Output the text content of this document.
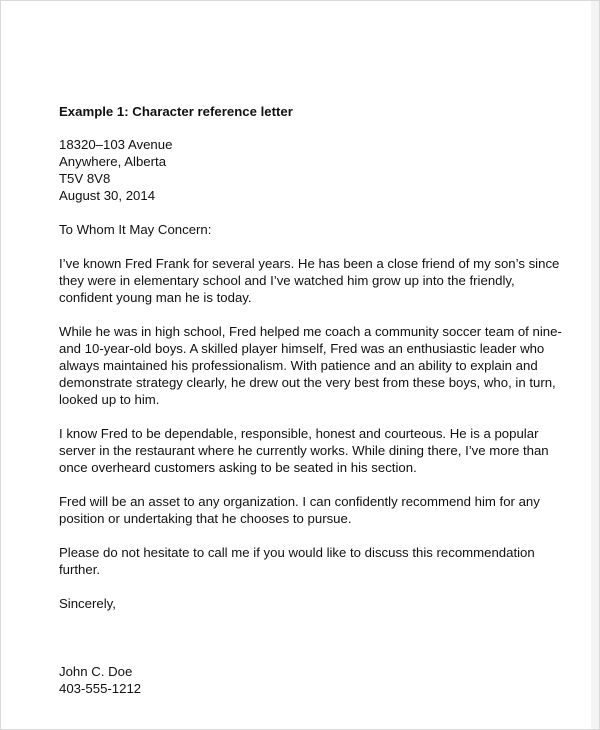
Example 1: Character reference letter

18320–103 Avenue

Anywhere, Alberta

T5V 8V8

August 30, 2014

To Whom It May Concern:

I’ve known Fred Frank for several years. He has been a close friend of my son’s since they were in elementary school and I’ve watched him grow up into the friendly, confident young man he is today.

While he was in high school, Fred helped me coach a community soccer team of nine- and 10-year-old boys. A skilled player himself, Fred was an enthusiastic leader who always maintained his professionalism. With patience and an ability to explain and demonstrate strategy clearly, he drew out the very best from these boys, who, in turn, looked up to him.

I know Fred to be dependable, responsible, honest and courteous. He is a popular server in the restaurant where he currently works. While dining there, I’ve more than once overheard customers asking to be seated in his section.

Fred will be an asset to any organization. I can confidently recommend him for any position or undertaking that he chooses to pursue.

Please do not hesitate to call me if you would like to discuss this recommendation further.

Sincerely,

John C. Doe

403-555-1212
